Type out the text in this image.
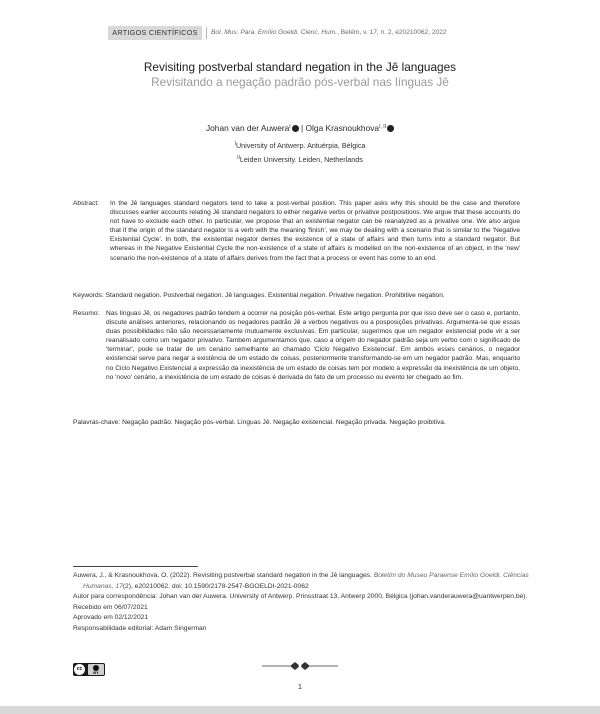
ARTIGOS CIENTÍFICOS	Bol. Mus. Para. Emílio Goeldi. Cienc. Hum., Belém, v. 17, n. 2, e20210062, 2022
Revisiting postverbal standard negation in the Jê languages
Revisitando a negação padrão pós-verbal nas línguas Jê
Johan van der Auwera$^I$ | Olga Krasnoukhova$^{I, II}$
$^I$University of Antwerp. Antuérpia, Bélgica
$^{II}$Leiden University. Leiden, Netherlands
Abstract:	In the Jê languages standard negators tend to take a post-verbal position. This paper asks why this should be the case and therefore discusses earlier accounts relating Jê standard negators to either negative verbs or privative postpositions. We argue that these accounts do not have to exclude each other. In particular, we propose that an existential negator can be reanalyzed as a privative one. We also argue that if the origin of the standard negator is a verb with the meaning 'finish', we may be dealing with a scenario that is similar to the 'Negative Existential Cycle'. In both, the existential negator denies the existence of a state of affairs and then turns into a standard negator. But whereas in the Negative Existential Cycle the non-existence of a state of affairs is modelled on the non-existence of an object, in the 'new' scenario the non-existence of a state of affairs derives from the fact that a process or event has come to an end.
Keywords: Standard negation. Postverbal negation. Jê languages. Existential negation. Privative negation. Prohibitive negation.
Resumo:	Nas línguas Jê, os negadores padrão tendem a ocorrer na posição pós-verbal. Este artigo pergunta por que isso deve ser o caso e, portanto, discute análises anteriores, relacionando os negadores padrão Jê a verbos negativos ou a posposições privativas. Argumenta-se que essas duas possibilidades não são necessariamente mutuamente exclusivas. Em particular, sugerimos que um negador existencial pode vir a ser reanalisado como um negador privativo. Também argumentamos que, caso a origem do negador padrão seja um verbo com o significado de 'terminar', pode se tratar de um cenário semelhante ao chamado 'Ciclo Negativo Existencial'. Em ambos esses cenários, o negador existencial serve para negar a existência de um estado de coisas, posteriormente transformando-se em um negador padrão. Mas, enquanto no Ciclo Negativo Existencial a expressão da inexistência de um estado de coisas tem por modelo a expressão da inexistência de um objeto, no 'novo' cenário, a inexistência de um estado de coisas é derivada do fato de um processo ou evento ter chegado ao fim.
Palavras-chave: Negação padrão. Negação pós-verbal. Línguas Jê. Negação existencial. Negação privada. Negação proibitiva.
Auwera, J., & Krasnoukhova, O. (2022). Revisiting postverbal standard negation in the Jê languages. Boletim do Museu Paraense Emílio Goeldi. Ciências Humanas, 17(2), e20210062. doi: 10.1590/2178-2547-BGOELDI-2021-0062
Autor para correspondência: Johan van der Auwera. University of Antwerp. Prinsstraat 13, Antwerp 2000, Bélgica (johan.vanderauwera@uantwerpen.be).
Recebido em 06/07/2021
Aprovado em 02/12/2021
Responsabilidade editorial: Adam Singerman
cc
BY
1
